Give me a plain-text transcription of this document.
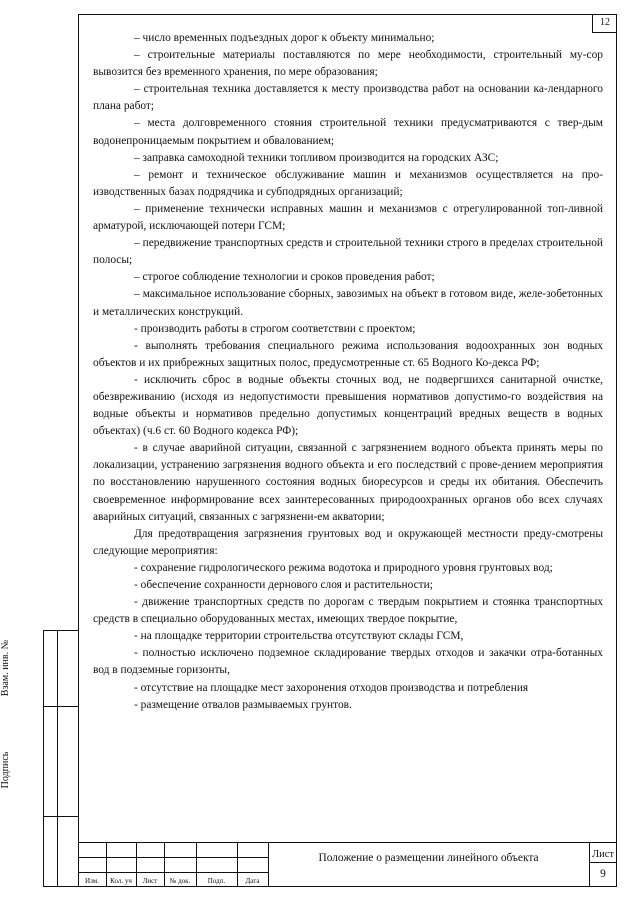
12
Взам. инв. №
Подпись

– число временных подъездных дорог к объекту минимально;

– строительные материалы поставляются по мере необходимости, строительный му-сор вывозится без временного хранения, по мере образования;

– строительная техника доставляется к месту производства работ на основании ка-лендарного плана работ;

– места долговременного стояния строительной техники предусматриваются с твер-дым водонепроницаемым покрытием и обвалованием;

– заправка самоходной техники топливом производится на городских АЗС;

– ремонт и техническое обслуживание машин и механизмов осуществляется на про-изводственных базах подрядчика и субподрядных организаций;

– применение технически исправных машин и механизмов с отрегулированной топ-ливной арматурой, исключающей потери ГСМ;

– передвижение транспортных средств и строительной техники строго в пределах строительной полосы;

– строгое соблюдение технологии и сроков проведения работ;

– максимальное использование сборных, завозимых на объект в готовом виде, желе-зобетонных и металлических конструкций.

- производить работы в строгом соответствии с проектом;

- выполнять требования специального режима использования водоохранных зон водных объектов и их прибрежных защитных полос, предусмотренные ст. 65 Водного Ко-декса РФ;

- исключить сброс в водные объекты сточных вод, не подвергшихся санитарной очистке, обезвреживанию (исходя из недопустимости превышения нормативов допустимо-го воздействия на водные объекты и нормативов предельно допустимых концентраций вредных веществ в водных объектах) (ч.6 ст. 60 Водного кодекса РФ);

- в случае аварийной ситуации, связанной с загрязнением водного объекта принять меры по локализации, устранению загрязнения водного объекта и его последствий с прове-дением мероприятия по восстановлению нарушенного состояния водных биоресурсов и среды их обитания. Обеспечить своевременное информирование всех заинтересованных природоохранных органов обо всех случаях аварийных ситуаций, связанных с загрязнени-ем акватории;

Для предотвращения загрязнения грунтовых вод и окружающей местности преду-смотрены следующие мероприятия:

- сохранение гидрологического режима водотока и природного уровня грунтовых вод;

- обеспечение сохранности дернового слоя и растительности;

- движение транспортных средств по дорогам с твердым покрытием и стоянка транспортных средств в специально оборудованных местах, имеющих твердое покрытие,

- на площадке территории строительства отсутствуют склады ГСМ,

- полностью исключено подземное складирование твердых отходов и закачки отра-ботанных вод в подземные горизонты,

- отсутствие на площадке мест захоронения отходов производства и потребления

- размещение отвалов размываемых грунтов.

Изм.	Кол. уч	Лист	№ док.	Подп.	Дата
Положение о размещении линейного объекта	Лист
9
